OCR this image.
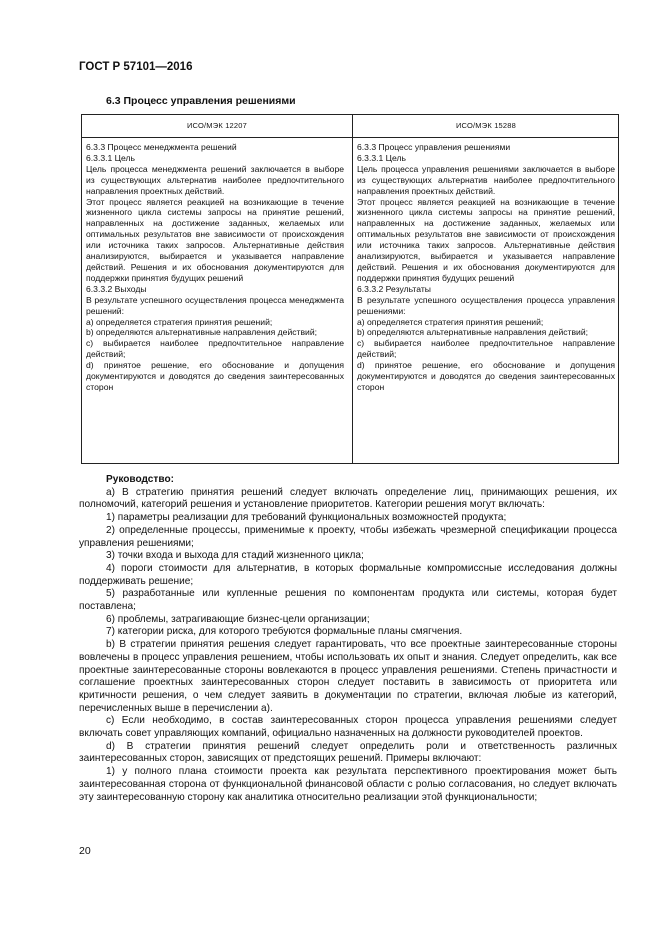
ГОСТ Р 57101—2016
6.3 Процесс управления решениями
ИСО/МЭК 12207	ИСО/МЭК 15288
6.3.3 Процесс менеджмента решений
6.3.3.1 Цель
Цель процесса менеджмента решений заключается в выборе из существующих альтернатив наиболее предпочтительного направления проектных действий.
Этот процесс является реакцией на возникающие в течение жизненного цикла системы запросы на принятие решений, направленных на достижение заданных, желаемых или оптимальных результатов вне зависимости от происхождения или источника таких запросов. Альтернативные действия анализируются, выбирается и указывается направление действий. Решения и их обоснования документируются для поддержки принятия будущих решений
6.3.3.2 Выходы
В результате успешного осуществления процесса менеджмента решений:
a) определяется стратегия принятия решений;
b) определяются альтернативные направления действий;
c) выбирается наиболее предпочтительное направление действий;
d) принятое решение, его обоснование и допущения документируются и доводятся до сведения заинтересованных сторон
6.3.3 Процесс управления решениями
6.3.3.1 Цель
Цель процесса управления решениями заключается в выборе из существующих альтернатив наиболее предпочтительного направления проектных действий.
Этот процесс является реакцией на возникающие в течение жизненного цикла системы запросы на принятие решений, направленных на достижение заданных, желаемых или оптимальных результатов вне зависимости от происхождения или источника таких запросов. Альтернативные действия анализируются, выбирается и указывается направление действий. Решения и их обоснования документируются для поддержки принятия будущих решений
6.3.3.2 Результаты
В результате успешного осуществления процесса управления решениями:
a) определяется стратегия принятия решений;
b) определяются альтернативные направления действий;
c) выбирается наиболее предпочтительное направление действий;
d) принятое решение, его обоснование и допущения документируются и доводятся до сведения заинтересованных сторон

Руководство:

а) В стратегию принятия решений следует включать определение лиц, принимающих решения, их полномочий, категорий решения и установление приоритетов. Категории решения могут включать:

1) параметры реализации для требований функциональных возможностей продукта;

2) определенные процессы, применимые к проекту, чтобы избежать чрезмерной спецификации процесса управления решениями;

3) точки входа и выхода для стадий жизненного цикла;

4) пороги стоимости для альтернатив, в которых формальные компромиссные исследования должны поддерживать решение;

5) разработанные или купленные решения по компонентам продукта или системы, которая будет поставлена;

6) проблемы, затрагивающие бизнес-цели организации;

7) категории риска, для которого требуются формальные планы смягчения.

b) В стратегии принятия решения следует гарантировать, что все проектные заинтересованные стороны вовлечены в процесс управления решением, чтобы использовать их опыт и знания. Следует определить, как все проектные заинтересованные стороны вовлекаются в процесс управления решениями. Степень причастности и соглашение проектных заинтересованных сторон следует поставить в зависимость от приоритета или критичности решения, о чем следует заявить в документации по стратегии, включая любые из категорий, перечисленных выше в перечислении а).

c) Если необходимо, в состав заинтересованных сторон процесса управления решениями следует включать совет управляющих компаний, официально назначенных на должности руководителей проектов.

d) В стратегии принятия решений следует определить роли и ответственность различных заинтересованных сторон, зависящих от предстоящих решений. Примеры включают:

1) у полного плана стоимости проекта как результата перспективного проектирования может быть заинтересованная сторона от функциональной финансовой области с ролью согласования, но следует включать эту заинтересованную сторону как аналитика относительно реализации этой функциональности;

20
